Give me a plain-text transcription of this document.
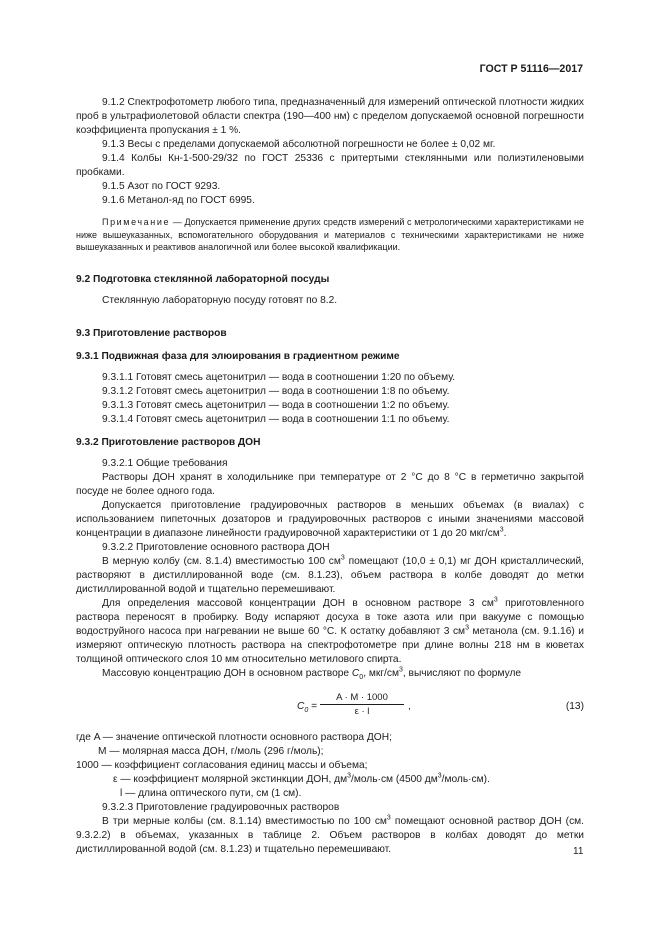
ГОСТ Р 51116—2017

9.1.2 Спектрофотометр любого типа, предназначенный для измерений оптической плотности жидких проб в ультрафиолетовой области спектра (190—400 нм) с пределом допускаемой основной погрешности коэффициента пропускания ± 1 %.

9.1.3 Весы с пределами допускаемой абсолютной погрешности не более ± 0,02 мг.

9.1.4 Колбы Кн-1-500-29/32 по ГОСТ 25336 с притертыми стеклянными или полиэтиленовыми пробками.

9.1.5 Азот по ГОСТ 9293.

9.1.6 Метанол-яд по ГОСТ 6995.

Примечание — Допускается применение других средств измерений с метрологическими характеристиками не ниже вышеуказанных, вспомогательного оборудования и материалов с техническими характеристиками не ниже вышеуказанных и реактивов аналогичной или более высокой квалификации.

9.2 Подготовка стеклянной лабораторной посуды

Стеклянную лабораторную посуду готовят по 8.2.

9.3 Приготовление растворов

9.3.1 Подвижная фаза для элюирования в градиентном режиме

9.3.1.1 Готовят смесь ацетонитрил — вода в соотношении 1:20 по объему.

9.3.1.2 Готовят смесь ацетонитрил — вода в соотношении 1:8 по объему.

9.3.1.3 Готовят смесь ацетонитрил — вода в соотношении 1:2 по объему.

9.3.1.4 Готовят смесь ацетонитрил — вода в соотношении 1:1 по объему.

9.3.2 Приготовление растворов ДОН

9.3.2.1 Общие требования

Растворы ДОН хранят в холодильнике при температуре от 2 °С до 8 °С в герметично закрытой посуде не более одного года.

Допускается приготовление градуировочных растворов в меньших объемах (в виалах) с использованием пипеточных дозаторов и градуировочных растворов с иными значениями массовой концентрации в диапазоне линейности градуировочной характеристики от 1 до 20 мкг/$см^3$.

9.3.2.2 Приготовление основного раствора ДОН

В мерную колбу (см. 8.1.4) вместимостью 100 $см^3$ помещают (10,0 ± 0,1) мг ДОН кристаллический, растворяют в дистиллированной воде (см. 8.1.23), объем раствора в колбе доводят до метки дистиллированной водой и тщательно перемешивают.

Для определения массовой концентрации ДОН в основном растворе 3 $см^3$ приготовленного раствора переносят в пробирку. Воду испаряют досуха в токе азота или при вакууме с помощью водоструйного насоса при нагревании не выше 60 °С. К остатку добавляют 3 $см^3$ метанола (см. 9.1.16) и измеряют оптическую плотность раствора на спектрофотометре при длине волны 218 нм в кюветах толщиной оптического слоя 10 мм относительно метилового спирта.

Массовую концентрацию ДОН в основном растворе $C_0$, мкг/$см^3$, вычисляют по формуле

$C_0 = \frac{A \cdot M \cdot 1000}{\varepsilon \cdot l}$ ,	(13)

где A — значение оптической плотности основного раствора ДОН;

M — молярная масса ДОН, г/моль (296 г/моль);

1000 — коэффициент согласования единиц массы и объема;

ε — коэффициент молярной экстинкции ДОН, $дм^3/моль\cdot см$ (4500 $дм^3/моль\cdot см$).

l — длина оптического пути, см (1 см).

9.3.2.3 Приготовление градуировочных растворов

В три мерные колбы (см. 8.1.14) вместимостью по 100 $см^3$ помещают основной раствор ДОН (см. 9.3.2.2) в объемах, указанных в таблице 2. Объем растворов в колбах доводят до метки дистиллированной водой (см. 8.1.23) и тщательно перемешивают.	11
